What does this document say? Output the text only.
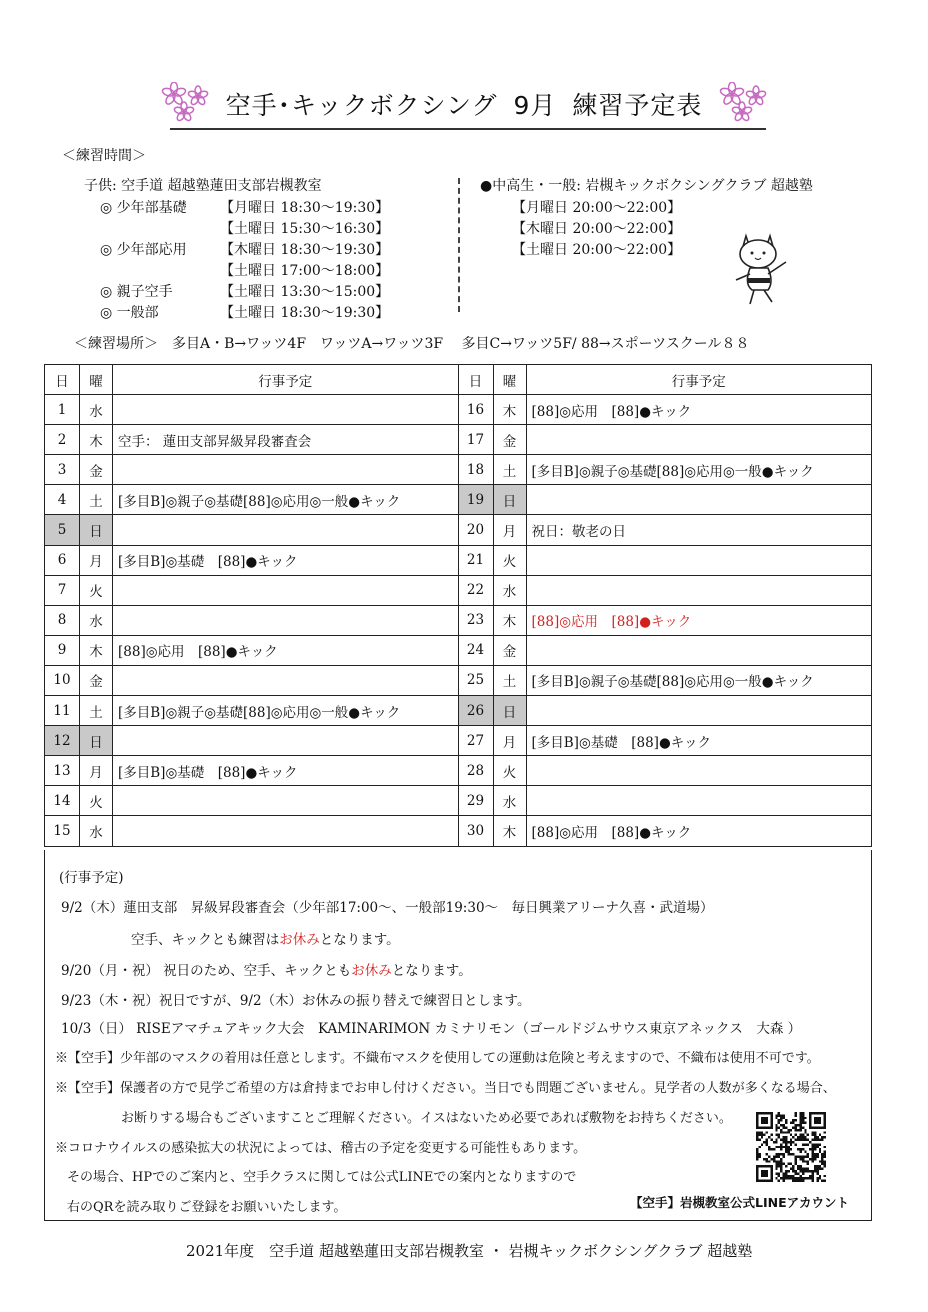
空手･キックボクシング 9月 練習予定表
＜練習時間＞
子供: 空手道 超越塾蓮田支部岩槻教室
◎ 少年部基礎 【月曜日 18:30～19:30】
【土曜日 15:30～16:30】
◎ 少年部応用 【木曜日 18:30～19:30】
【土曜日 17:00～18:00】
◎ 親子空手	【土曜日 13:30～15:00】
◎ 一般部	【土曜日 18:30～19:30】
●中高生・一般: 岩槻キックボクシングクラブ 超越塾
【月曜日 20:00～22:00】
【木曜日 20:00～22:00】
【土曜日 20:00～22:00】
＜練習場所＞　多目A・B→ワッツ4F　ワッツA→ワッツ3F　 多目C→ワッツ5F/ 88→スポーツスクール８８
日	曜	行事予定	日	曜	行事予定
1	水		16	木	[88]◎応用　[88]●キック
2	木	空手： 蓮田支部昇級昇段審査会	17	金	
3	金		18	土	[多目B]◎親子◎基礎[88]◎応用◎一般●キック
4	土	[多目B]◎親子◎基礎[88]◎応用◎一般●キック	19	日	
5	日		20	月	祝日：敬老の日
6	月	[多目B]◎基礎　[88]●キック	21	火	
7	火		22	水	
8	水		23	木	[88]◎応用　[88]●キック
9	木	[88]◎応用　[88]●キック	24	金	
10	金		25	土	[多目B]◎親子◎基礎[88]◎応用◎一般●キック
11	土	[多目B]◎親子◎基礎[88]◎応用◎一般●キック	26	日	
12	日		27	月	[多目B]◎基礎　[88]●キック
13	月	[多目B]◎基礎　[88]●キック	28	火	
14	火		29	水	
15	水		30	木	[88]◎応用　[88]●キック
(行事予定)
9/2（木）蓮田支部　昇級昇段審査会（少年部17:00～、一般部19:30～　毎日興業アリーナ久喜・武道場）
空手、キックとも練習はお休みとなります。
9/20（月・祝） 祝日のため、空手、キックともお休みとなります。
9/23（木・祝）祝日ですが、9/2（木）お休みの振り替えで練習日とします。
10/3（日） RISEアマチュアキック大会　KAMINARIMON カミナリモン（ゴールドジムサウス東京アネックス　大森 ）
※【空手】少年部のマスクの着用は任意とします。不織布マスクを使用しての運動は危険と考えますので、不織布は使用不可です。
※【空手】保護者の方で見学ご希望の方は倉持までお申し付けください。当日でも問題ございません。見学者の人数が多くなる場合、
お断りする場合もございますことご理解ください。イスはないため必要であれば敷物をお持ちください。
※コロナウイルスの感染拡大の状況によっては、稽古の予定を変更する可能性もあります。
その場合、HPでのご案内と、空手クラスに関しては公式LINEでの案内となりますので
右のQRを読み取りご登録をお願いいたします。	【空手】岩槻教室公式LINEアカウント
2021年度　空手道 超越塾蓮田支部岩槻教室 ・ 岩槻キックボクシングクラブ 超越塾
